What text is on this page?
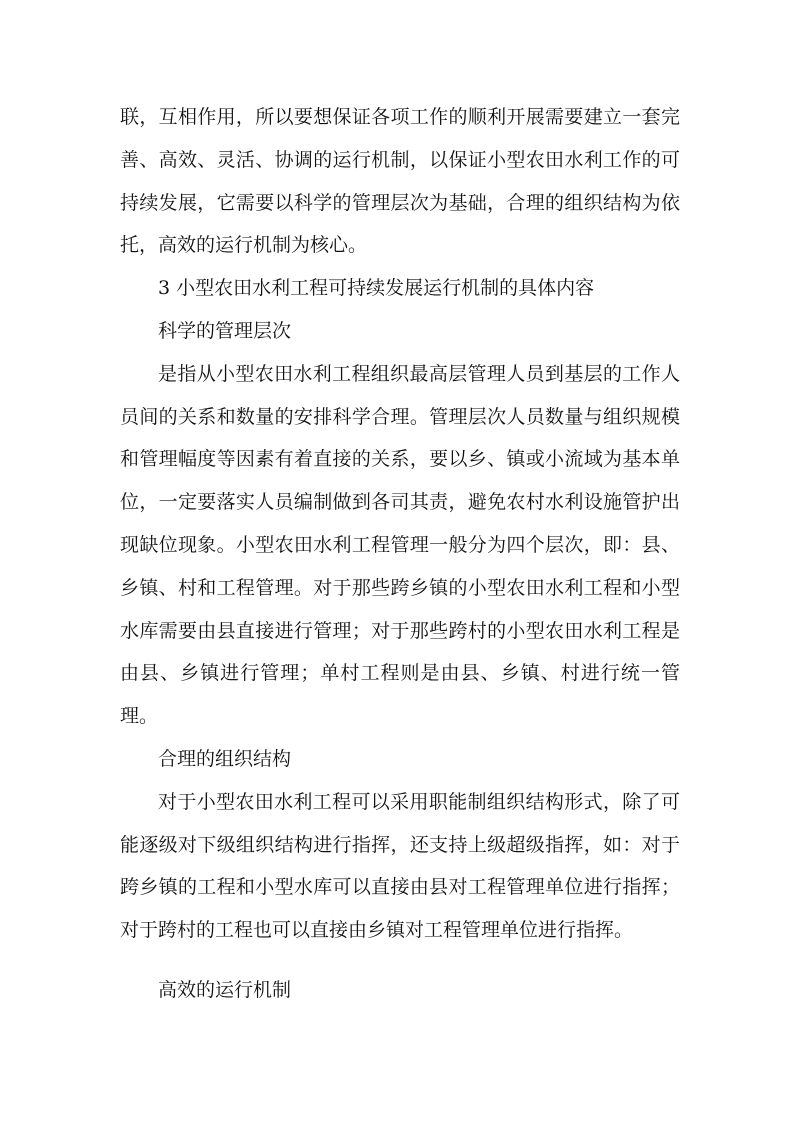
联，互相作用，所以要想保证各项工作的顺利开展需要建立一套完善、高效、灵活、协调的运行机制，以保证小型农田水利工作的可持续发展，它需要以科学的管理层次为基础，合理的组织结构为依托，高效的运行机制为核心。

3 小型农田水利工程可持续发展运行机制的具体内容

科学的管理层次

是指从小型农田水利工程组织最高层管理人员到基层的工作人员间的关系和数量的安排科学合理。管理层次人员数量与组织规模和管理幅度等因素有着直接的关系，要以乡、镇或小流域为基本单位，一定要落实人员编制做到各司其责，避免农村水利设施管护出现缺位现象。小型农田水利工程管理一般分为四个层次，即：县、乡镇、村和工程管理。对于那些跨乡镇的小型农田水利工程和小型水库需要由县直接进行管理；对于那些跨村的小型农田水利工程是由县、乡镇进行管理；单村工程则是由县、乡镇、村进行统一管理。

合理的组织结构

对于小型农田水利工程可以采用职能制组织结构形式，除了可能逐级对下级组织结构进行指挥，还支持上级超级指挥，如：对于跨乡镇的工程和小型水库可以直接由县对工程管理单位进行指挥；对于跨村的工程也可以直接由乡镇对工程管理单位进行指挥。

高效的运行机制
